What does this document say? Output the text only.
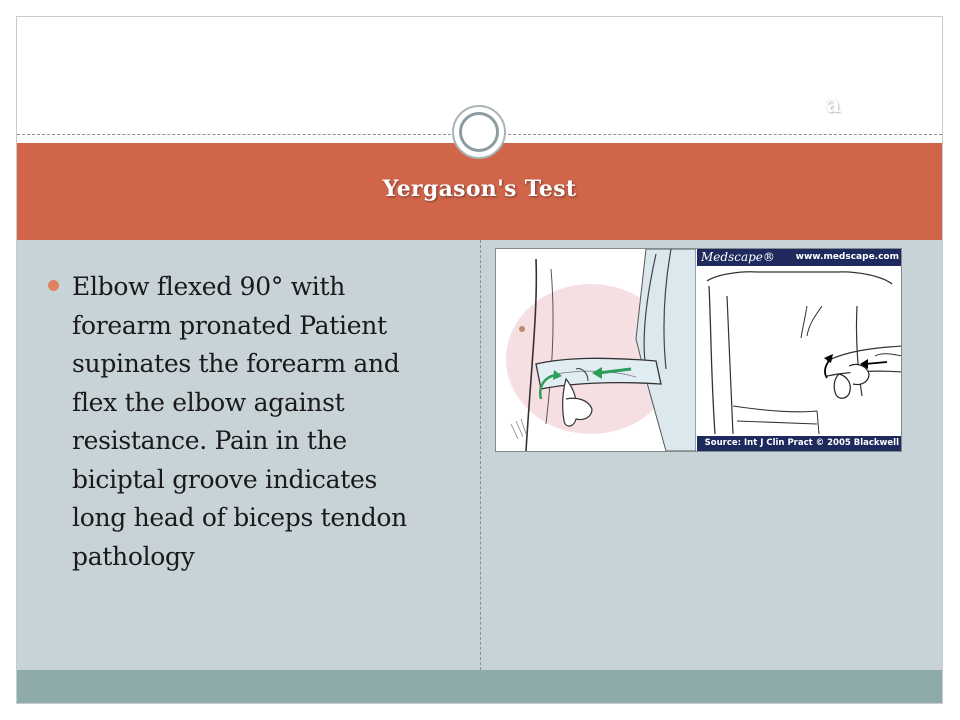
a
Yergason's Test
Elbow flexed 90° with forearm pronated Patient supinates the forearm and flex the elbow against resistance. Pain in the biciptal groove indicates long head of biceps tendon pathology
Medscape® www.medscape.com
Source: Int J Clin Pract © 2005 Blackwell
